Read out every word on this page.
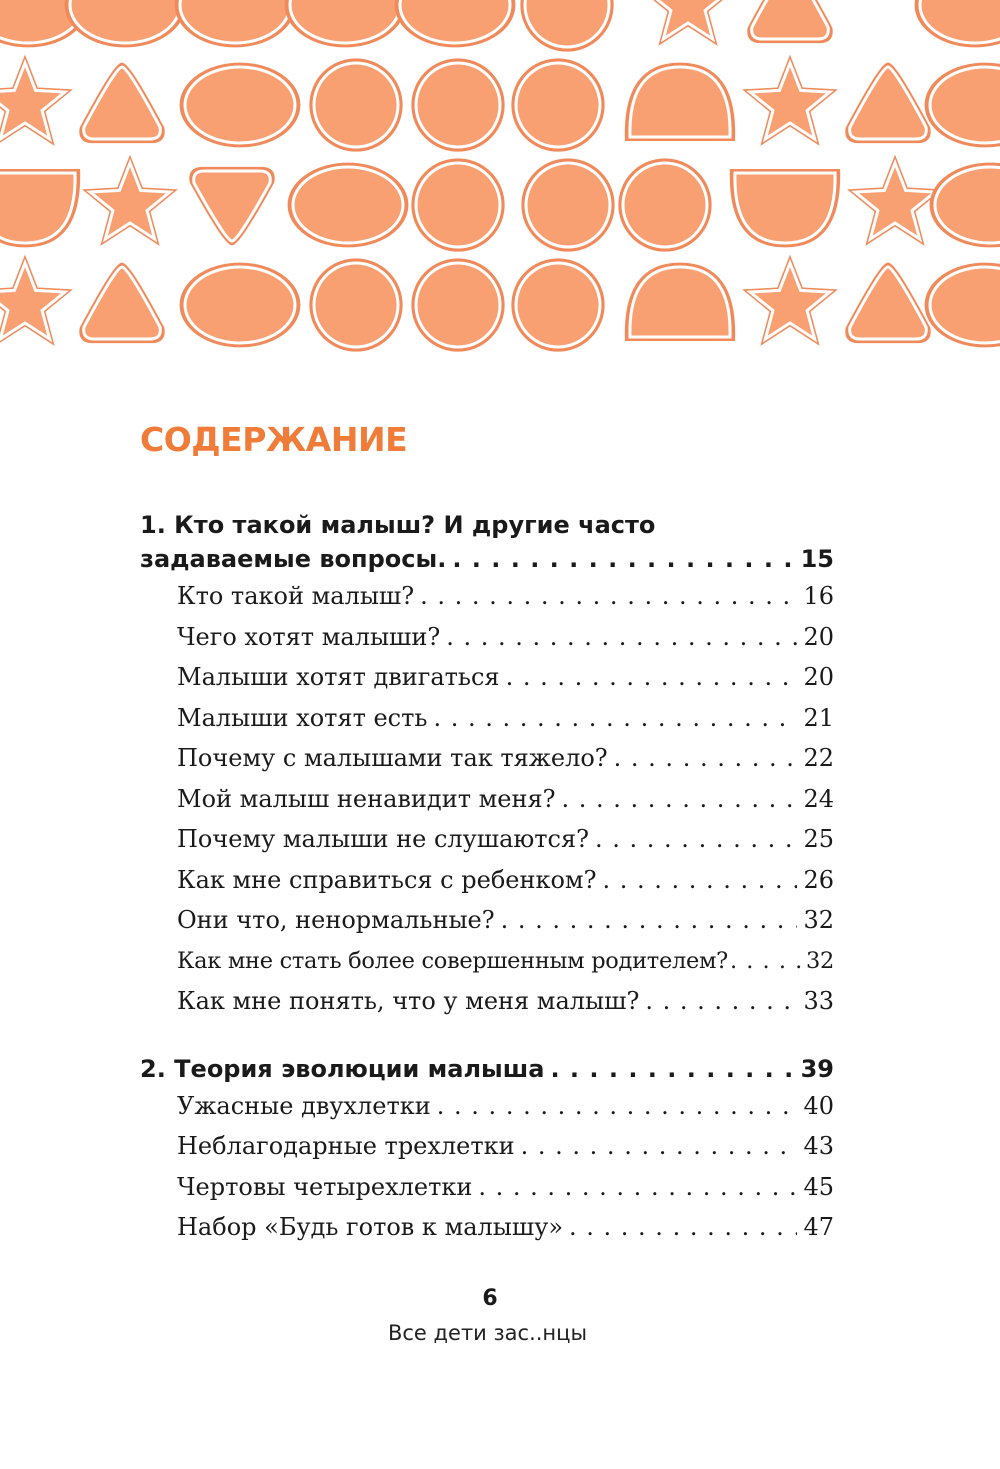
СОДЕРЖАНИЕ
1. Кто такой малыш? И другие часто
задаваемые вопросы. . . .	15
Кто такой малыш? . . .	16
Чего хотят малыши? . . .	20
Малыши хотят двигаться . . .	20
Малыши хотят есть . . .	21
Почему с малышами так тяжело? . . .	22
Мой малыш ненавидит меня? . . .	24
Почему малыши не слушаются? . . .	25
Как мне справиться с ребенком? . . .	26
Они что, ненормальные? . . .	32
Как мне стать более совершенным родителем? . . .	32
Как мне понять, что у меня малыш? . . .	33
2. Теория эволюции малыша . . .	39
Ужасные двухлетки . . .	40
Неблагодарные трехлетки . . .	43
Чертовы четырехлетки . . .	45
Набор «Будь готов к малышу» . . .	47
6
Все дети зас..нцы
